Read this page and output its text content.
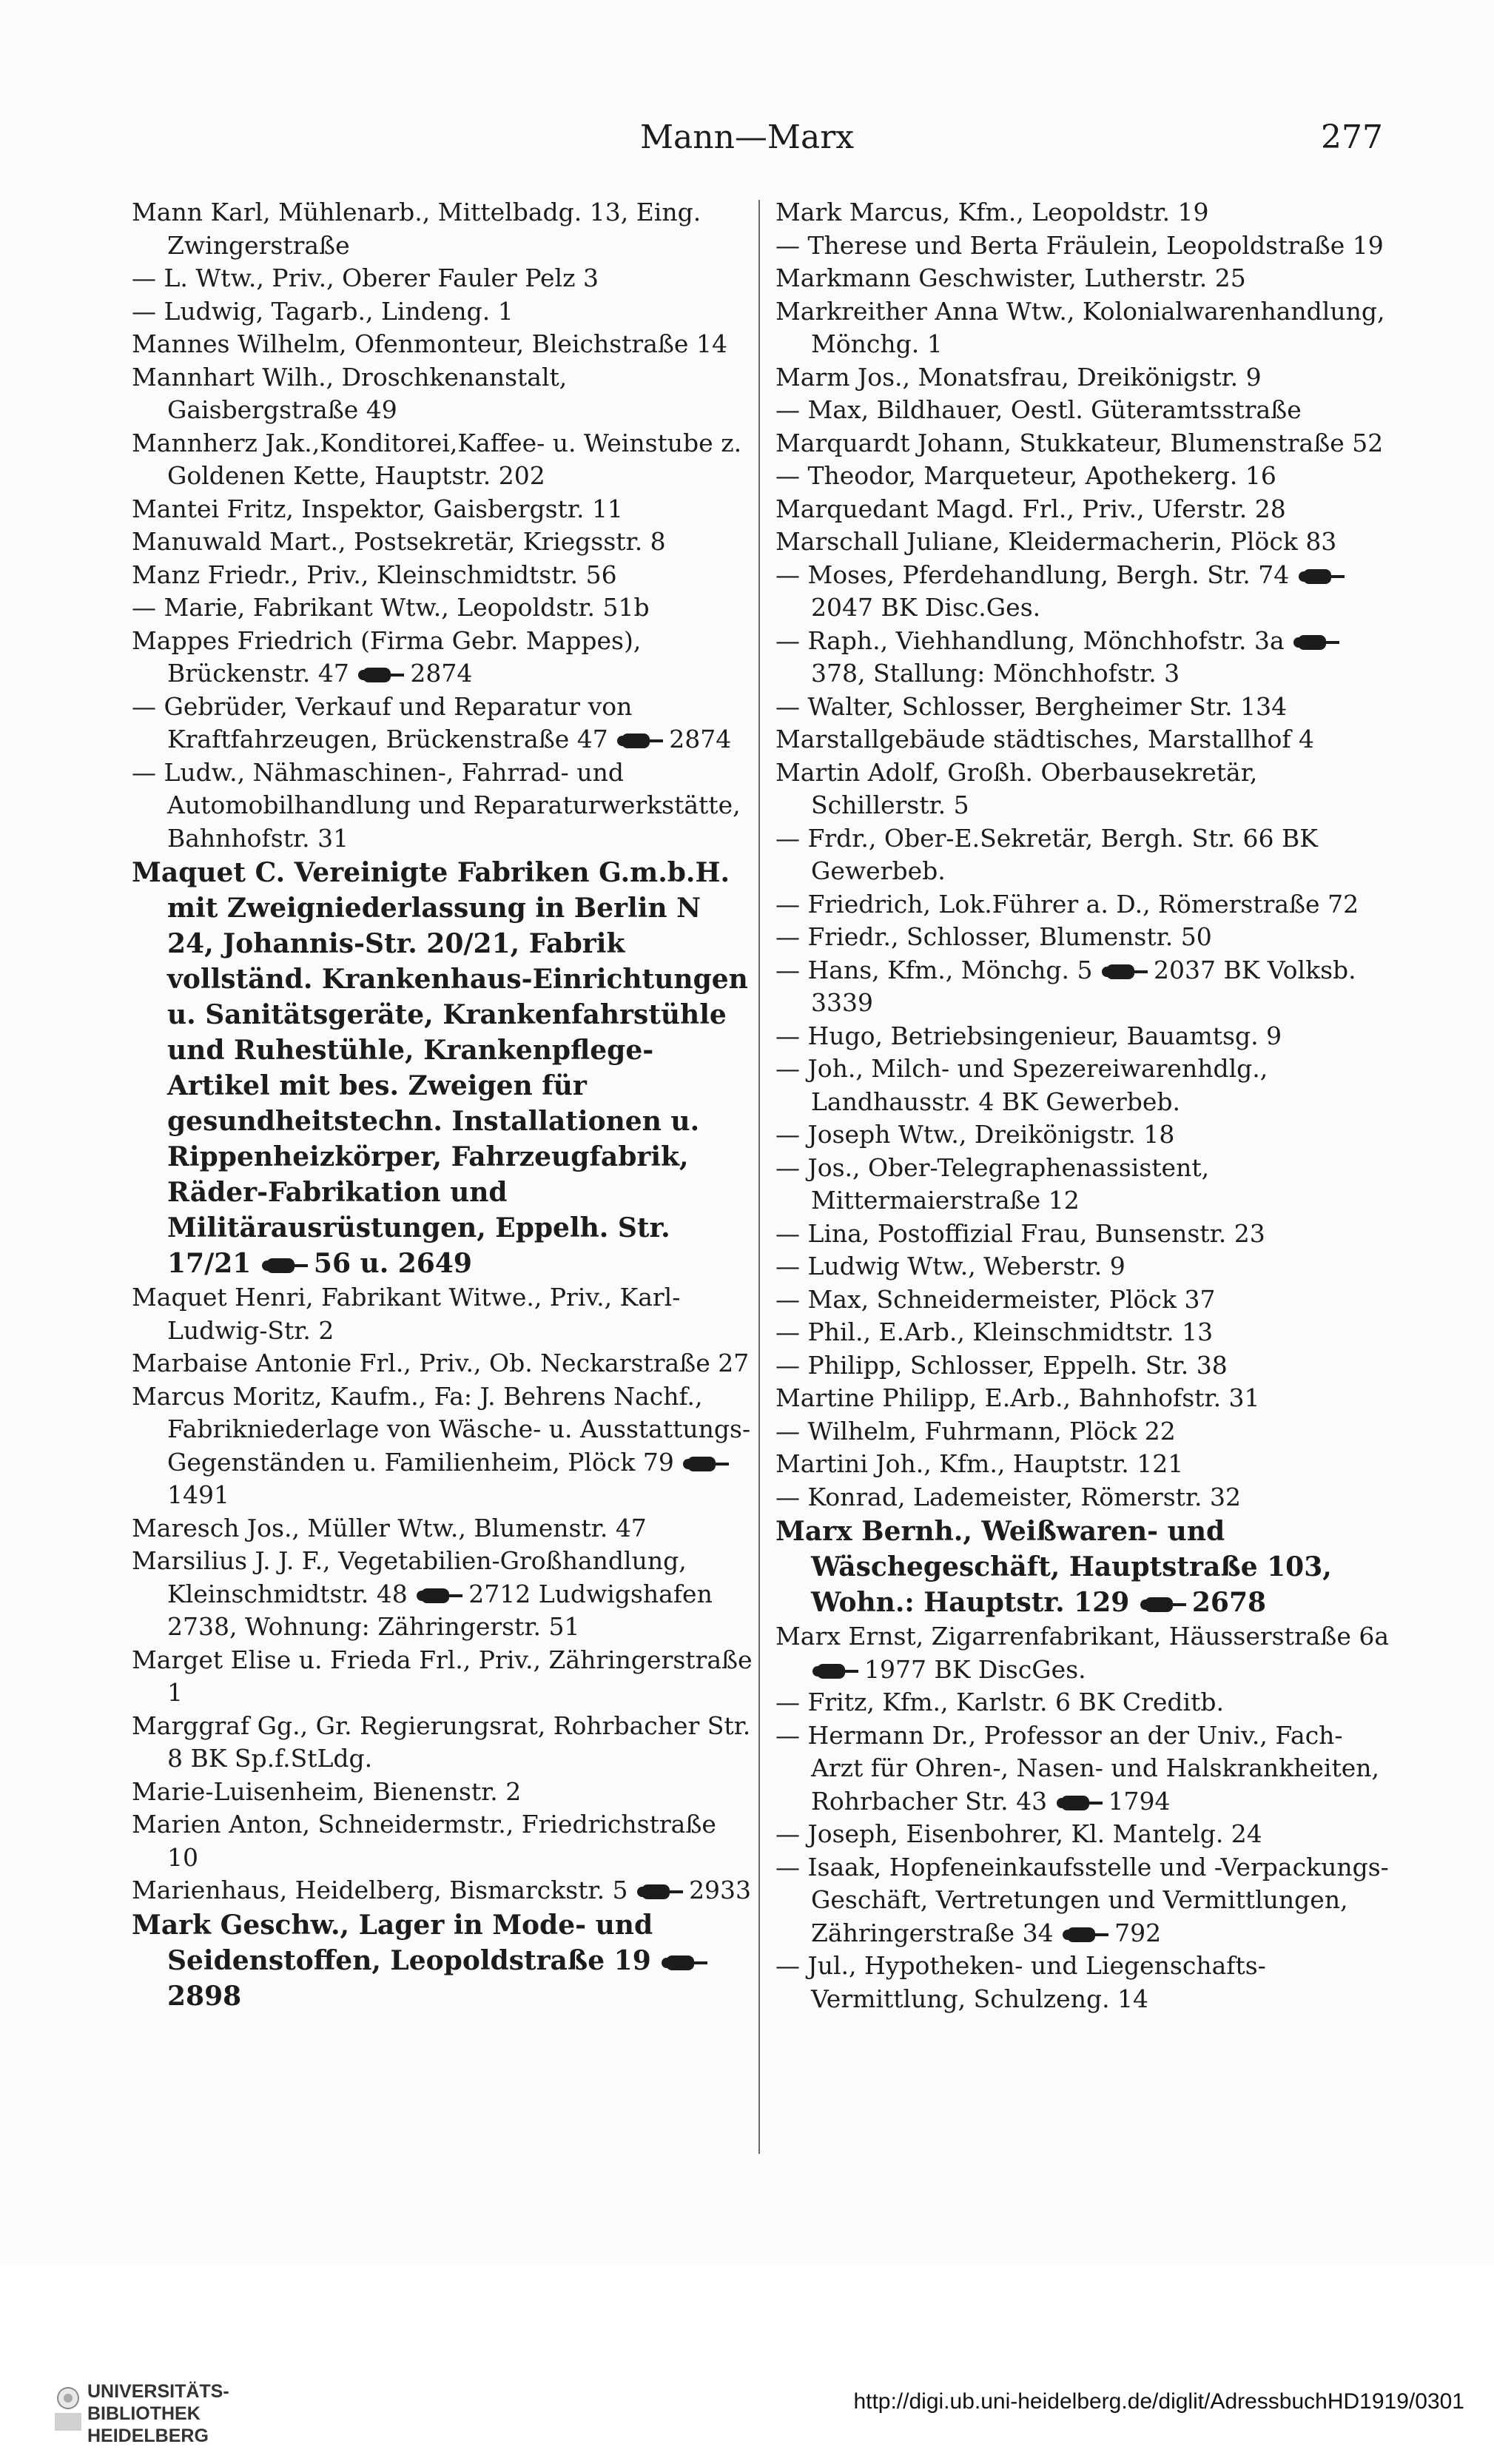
Mann—Marx	277
Mann Karl, Mühlenarb., Mittelbadg. 13, Eing. Zwingerstraße
— L. Wtw., Priv., Oberer Fauler Pelz 3
— Ludwig, Tagarb., Lindeng. 1
Mannes Wilhelm, Ofenmonteur, Bleichstraße 14
Mannhart Wilh., Droschkenanstalt, Gaisbergstraße 49
Mannherz Jak.,Konditorei,Kaffee- u. Weinstube z. Goldenen Kette, Hauptstr. 202
Mantei Fritz, Inspektor, Gaisbergstr. 11
Manuwald Mart., Postsekretär, Kriegsstr. 8
Manz Friedr., Priv., Kleinschmidtstr. 56
— Marie, Fabrikant Wtw., Leopoldstr. 51b
Mappes Friedrich (Firma Gebr. Mappes), Brückenstr. 47	2874
— Gebrüder, Verkauf und Reparatur von Kraftfahrzeugen, Brückenstraße 47	2874
— Ludw., Nähmaschinen-, Fahrrad- und Automobilhandlung und Reparaturwerkstätte, Bahnhofstr. 31
Maquet C. Vereinigte Fabriken G.m.b.H. mit Zweigniederlassung in Berlin N 24, Johannis-Str. 20/21, Fabrik vollständ. Krankenhaus-Einrichtungen u. Sanitätsgeräte, Krankenfahrstühle und Ruhestühle, Krankenpflege-Artikel mit bes. Zweigen für gesundheitstechn. Installationen u. Rippenheizkörper, Fahrzeugfabrik, Räder-Fabrikation und Militärausrüstungen, Eppelh. Str. 17/21 56 u. 2649
Maquet Henri, Fabrikant Witwe., Priv., Karl-Ludwig-Str. 2
Marbaise Antonie Frl., Priv., Ob. Neckarstraße 27
Marcus Moritz, Kaufm., Fa: J. Behrens Nachf., Fabrikniederlage von Wäsche- u. Ausstattungs-Gegenständen u. Familienheim, Plöck 79
1491
Maresch Jos., Müller Wtw., Blumenstr. 47
Marsilius J. J. F., Vegetabilien-Großhandlung, Kleinschmidtstr. 48	2712 Ludwigshafen 2738, Wohnung: Zähringerstr. 51
Marget Elise u. Frieda Frl., Priv., Zähringerstraße 1
Marggraf Gg., Gr. Regierungsrat, Rohrbacher Str. 8 BK Sp.f.StLdg.
Marie-Luisenheim, Bienenstr. 2
Marien Anton, Schneidermstr., Friedrichstraße 10
Marienhaus, Heidelberg, Bismarckstr. 5	2933
Mark Geschw., Lager in Mode- und Seidenstoffen, Leopoldstraße 19
2898
Mark Marcus, Kfm., Leopoldstr. 19
— Therese und Berta Fräulein, Leopoldstraße 19
Markmann Geschwister, Lutherstr. 25
Markreither Anna Wtw., Kolonialwarenhandlung, Mönchg. 1
Marm Jos., Monatsfrau, Dreikönigstr. 9
— Max, Bildhauer, Oestl. Güteramtsstraße
Marquardt Johann, Stukkateur, Blumenstraße 52
— Theodor, Marqueteur, Apothekerg. 16
Marquedant Magd. Frl., Priv., Uferstr. 28
Marschall Juliane, Kleidermacherin, Plöck 83
— Moses, Pferdehandlung, Bergh. Str. 74
2047 BK Disc.Ges.
— Raph., Viehhandlung, Mönchhofstr. 3a
378, Stallung: Mönchhofstr. 3
— Walter, Schlosser, Bergheimer Str. 134
Marstallgebäude städtisches, Marstallhof 4
Martin Adolf, Großh. Oberbausekretär, Schillerstr. 5
— Frdr., Ober-E.Sekretär, Bergh. Str. 66 BK Gewerbeb.
— Friedrich, Lok.Führer a. D., Römerstraße 72
— Friedr., Schlosser, Blumenstr. 50
— Hans, Kfm., Mönchg. 5	2037 BK Volksb. 3339
— Hugo, Betriebsingenieur, Bauamtsg. 9
— Joh., Milch- und Spezereiwarenhdlg., Landhausstr. 4 BK Gewerbeb.
— Joseph Wtw., Dreikönigstr. 18
— Jos., Ober-Telegraphenassistent, Mittermaierstraße 12
— Lina, Postoffizial Frau, Bunsenstr. 23
— Ludwig Wtw., Weberstr. 9
— Max, Schneidermeister, Plöck 37
— Phil., E.Arb., Kleinschmidtstr. 13
— Philipp, Schlosser, Eppelh. Str. 38
Martine Philipp, E.Arb., Bahnhofstr. 31
— Wilhelm, Fuhrmann, Plöck 22
Martini Joh., Kfm., Hauptstr. 121
— Konrad, Lademeister, Römerstr. 32
Marx Bernh., Weißwaren- und Wäschegeschäft, Hauptstraße 103, Wohn.: Hauptstr. 129 2678
Marx Ernst, Zigarrenfabrikant, Häusserstraße 6a
1977 BK DiscGes.
— Fritz, Kfm., Karlstr. 6 BK Creditb.
— Hermann Dr., Professor an der Univ., Fach-Arzt für Ohren-, Nasen- und Halskrankheiten, Rohrbacher Str. 43	1794
— Joseph, Eisenbohrer, Kl. Mantelg. 24
— Isaak, Hopfeneinkaufsstelle und -Verpackungs-Geschäft, Vertretungen und Vermittlungen, Zähringerstraße 34	792
— Jul., Hypotheken- und Liegenschafts-Vermittlung, Schulzeng. 14
UNIVERSITÄTS-
BIBLIOTHEK
HEIDELBERG
http://digi.ub.uni-heidelberg.de/diglit/AdressbuchHD1919/0301
